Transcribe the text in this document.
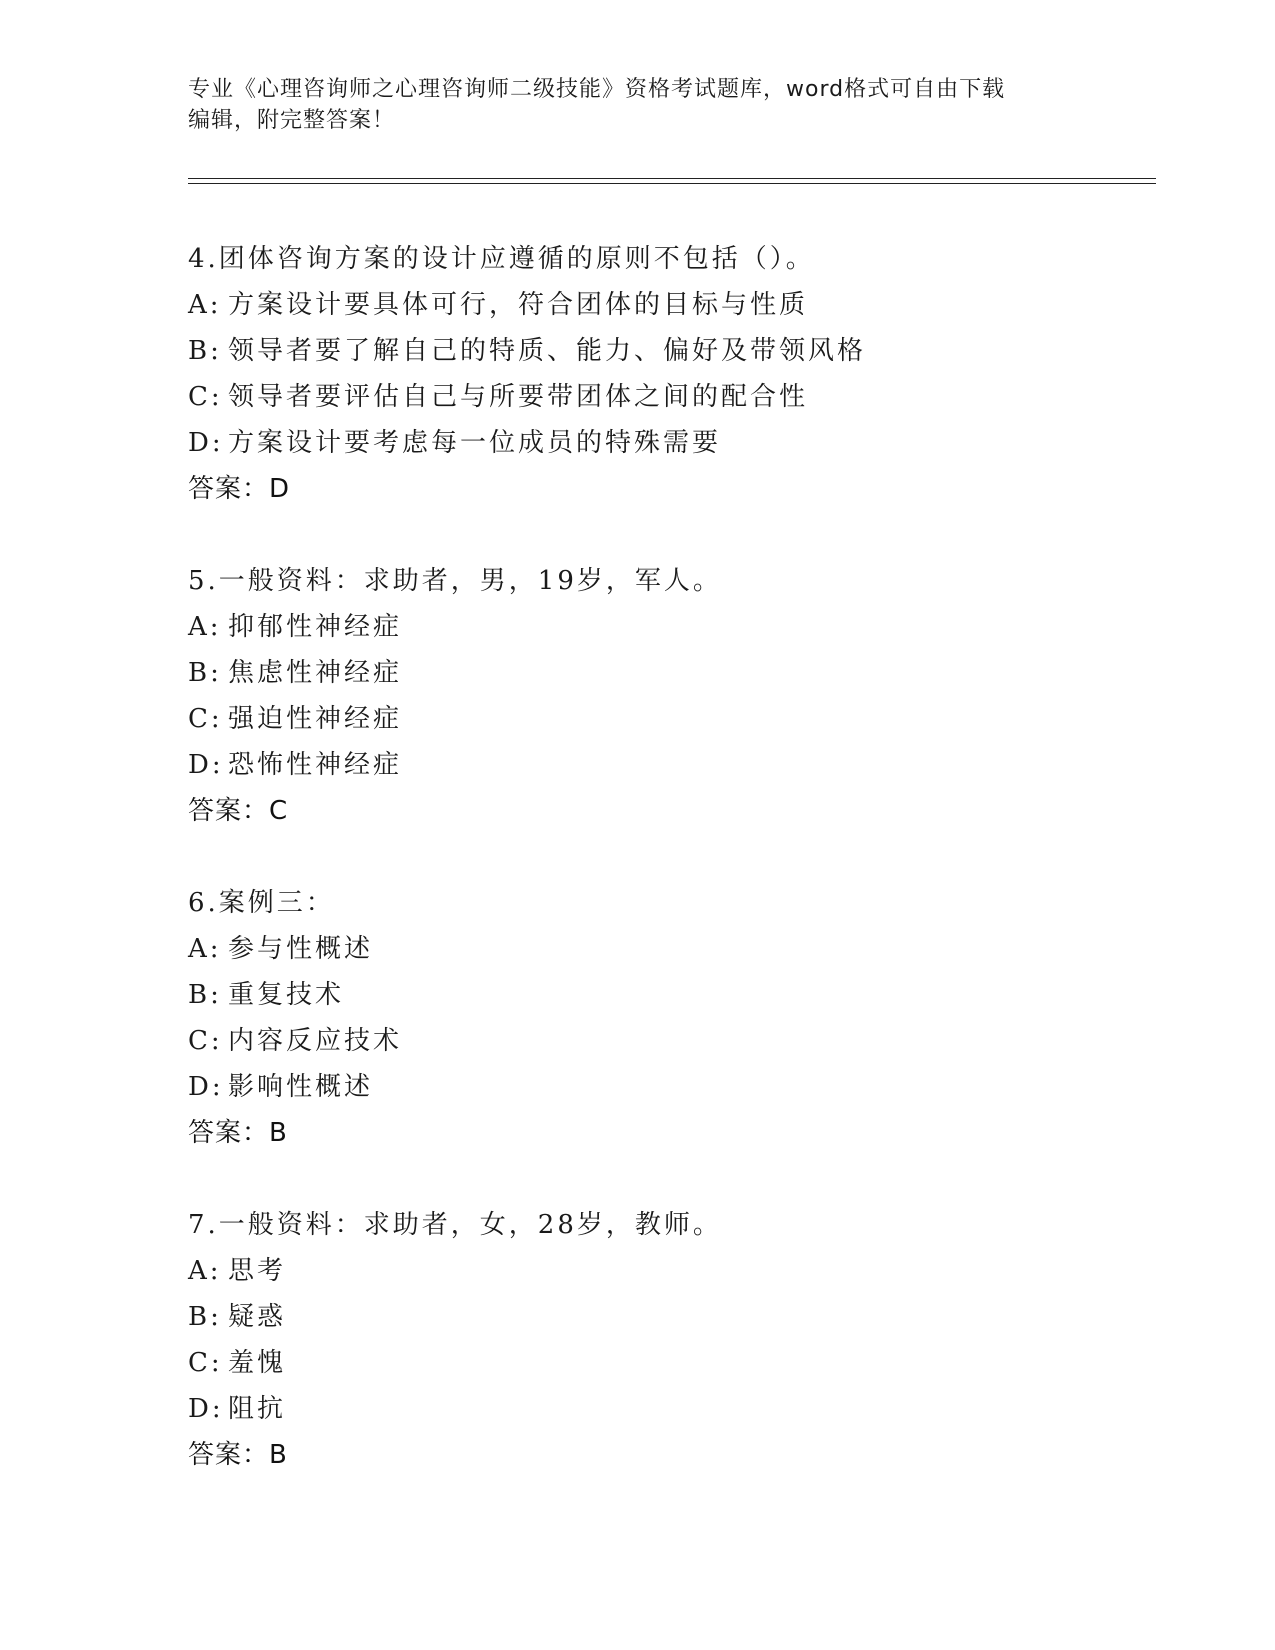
专业《心理咨询师之心理咨询师二级技能》资格考试题库，word格式可自由下载
编辑，附完整答案！
4.团体咨询方案的设计应遵循的原则不包括（）。
A: 方案设计要具体可行，符合团体的目标与性质
B: 领导者要了解自己的特质、能力、偏好及带领风格
C: 领导者要评估自己与所要带团体之间的配合性
D: 方案设计要考虑每一位成员的特殊需要
答案：D
5.一般资料：求助者，男，19岁，军人。
A: 抑郁性神经症
B: 焦虑性神经症
C: 强迫性神经症
D: 恐怖性神经症
答案：C
6.案例三：
A: 参与性概述
B: 重复技术
C: 内容反应技术
D: 影响性概述
答案：B
7.一般资料：求助者，女，28岁，教师。
A: 思考
B: 疑惑
C: 羞愧
D: 阻抗
答案：B
